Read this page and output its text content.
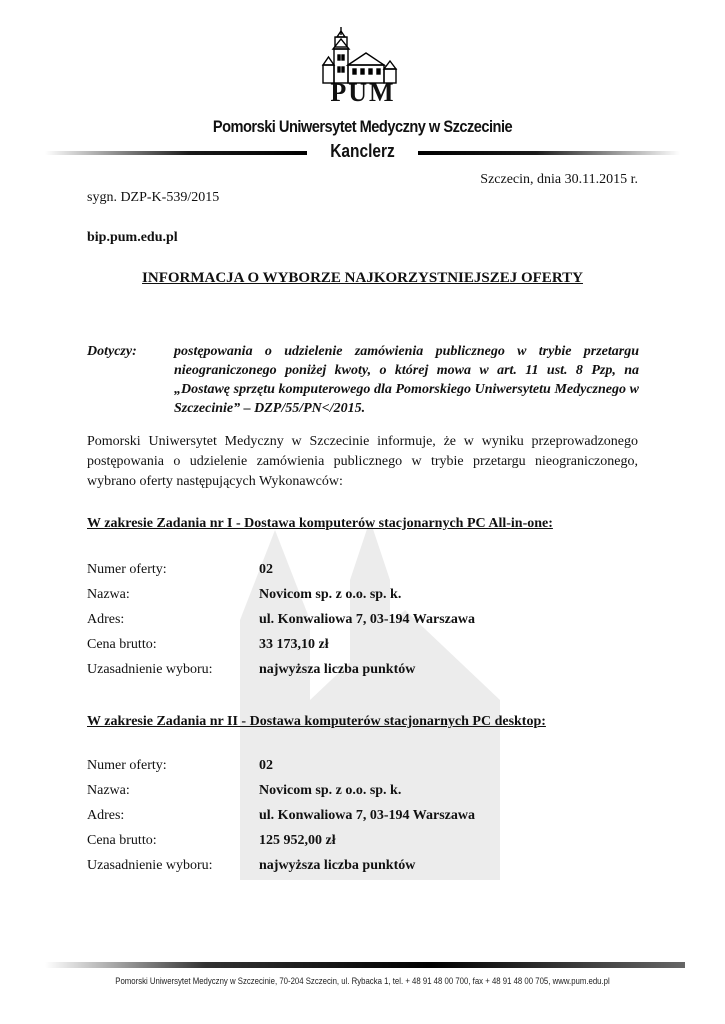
PUM
Pomorski Uniwersytet Medyczny w Szczecinie
Kanclerz
Szczecin, dnia 30.11.2015 r.
sygn. DZP-K-539/2015
bip.pum.edu.pl
INFORMACJA O WYBORZE NAJKORZYSTNIEJSZEJ OFERTY
Dotyczy:	postępowania o udzielenie zamówienia publicznego w trybie przetargu nieograniczonego poniżej kwoty, o której mowa w art. 11 ust. 8 Pzp, na „Dostawę sprzętu komputerowego dla Pomorskiego Uniwersytetu Medycznego w Szczecinie” – DZP/55/PN</2015.
Pomorski Uniwersytet Medyczny w Szczecinie informuje, że w wyniku przeprowadzonego postępowania o udzielenie zamówienia publicznego w trybie przetargu nieograniczonego, wybrano oferty następujących Wykonawców:
W zakresie Zadania nr I - Dostawa komputerów stacjonarnych PC All-in-one:
Numer oferty:	02
Nazwa:	Novicom sp. z o.o. sp. k.
Adres:	ul. Konwaliowa 7, 03-194 Warszawa
Cena brutto:	33 173,10 zł
Uzasadnienie wyboru:	najwyższa liczba punktów
W zakresie Zadania nr II - Dostawa komputerów stacjonarnych PC desktop:
Numer oferty:	02
Nazwa:	Novicom sp. z o.o. sp. k.
Adres:	ul. Konwaliowa 7, 03-194 Warszawa
Cena brutto:	125 952,00 zł
Uzasadnienie wyboru:	najwyższa liczba punktów
Pomorski Uniwersytet Medyczny w Szczecinie, 70-204 Szczecin, ul. Rybacka 1, tel. + 48 91 48 00 700, fax + 48 91 48 00 705, www.pum.edu.pl
